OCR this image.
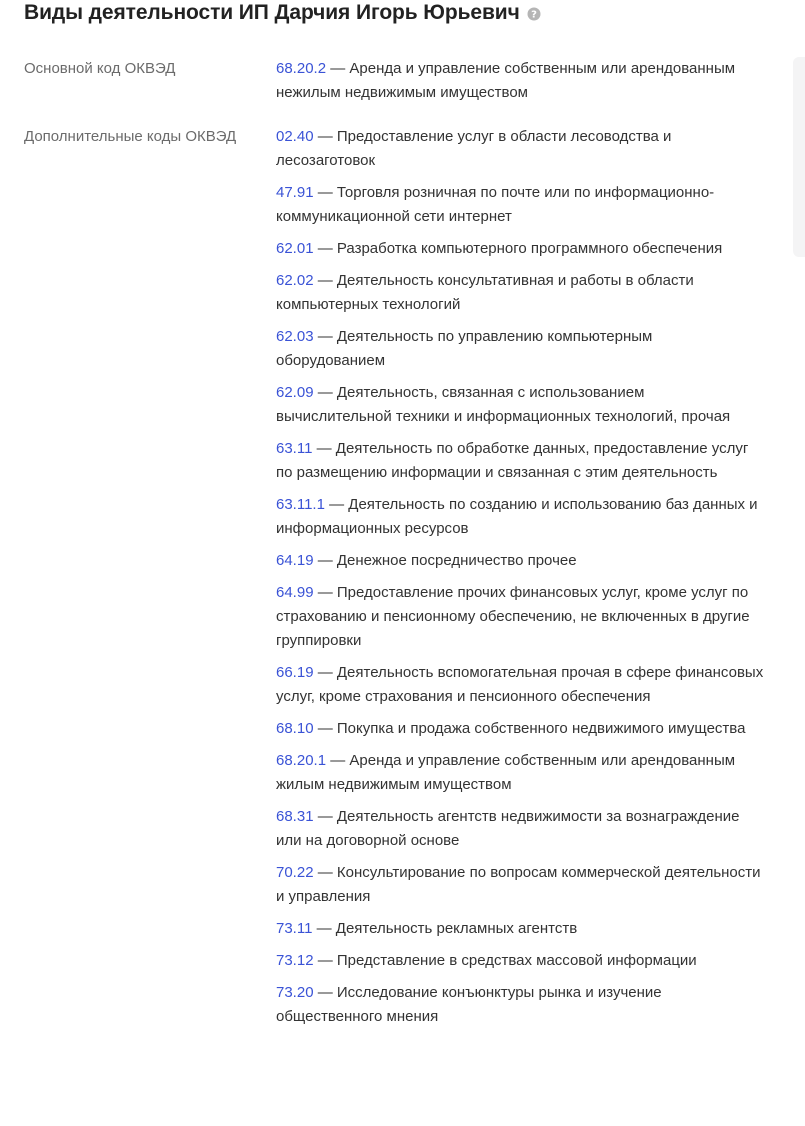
Виды деятельности ИП Дарчия Игорь Юрьевич ?
Основной код ОКВЭД	68.20.2 — Аренда и управление собственным или арендованным нежилым недвижимым имуществом
Дополнительные коды ОКВЭД	02.40 — Предоставление услуг в области лесоводства и лесозаготовок
47.91 — Торговля розничная по почте или по информационно-коммуникационной сети интернет
62.01 — Разработка компьютерного программного обеспечения
62.02 — Деятельность консультативная и работы в области компьютерных технологий
62.03 — Деятельность по управлению компьютерным оборудованием
62.09 — Деятельность, связанная с использованием вычислительной техники и информационных технологий, прочая
63.11 — Деятельность по обработке данных, предоставление услуг по размещению информации и связанная с этим деятельность
63.11.1 — Деятельность по созданию и использованию баз данных и информационных ресурсов
64.19 — Денежное посредничество прочее
64.99 — Предоставление прочих финансовых услуг, кроме услуг по страхованию и пенсионному обеспечению, не включенных в другие группировки
66.19 — Деятельность вспомогательная прочая в сфере финансовых услуг, кроме страхования и пенсионного обеспечения
68.10 — Покупка и продажа собственного недвижимого имущества
68.20.1 — Аренда и управление собственным или арендованным жилым недвижимым имуществом
68.31 — Деятельность агентств недвижимости за вознаграждение или на договорной основе
70.22 — Консультирование по вопросам коммерческой деятельности и управления
73.11 — Деятельность рекламных агентств
73.12 — Представление в средствах массовой информации
73.20 — Исследование конъюнктуры рынка и изучение общественного мнения
